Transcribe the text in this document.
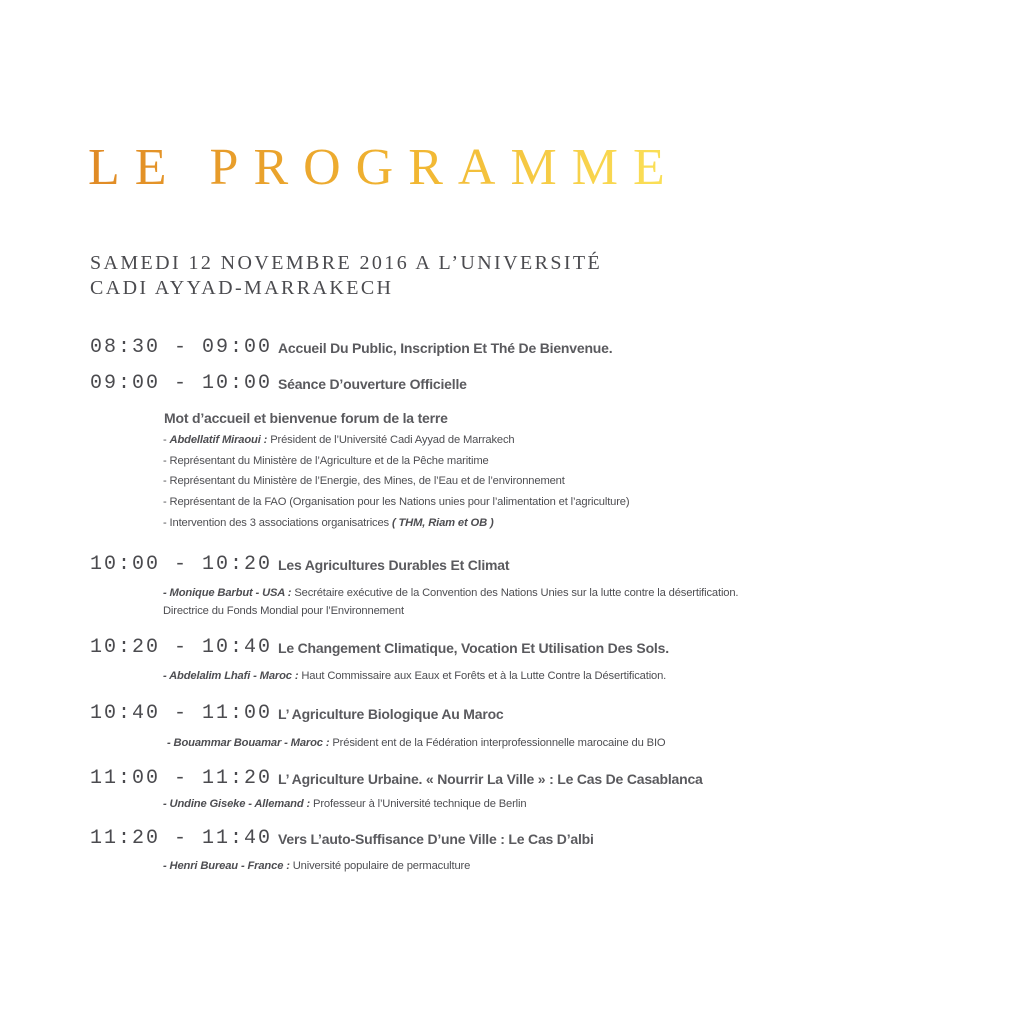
LE PROGRAMME
SAMEDI 12 NOVEMBRE 2016 A L’UNIVERSITÉ
CADI AYYAD-MARRAKECH
08:30 - 09:00 Accueil Du Public, Inscription Et Thé De Bienvenue.
09:00 - 10:00 Séance D’ouverture Officielle
Mot d’accueil et bienvenue forum de la terre
- Abdellatif Miraoui : Président de l’Université Cadi Ayyad de Marrakech
- Représentant du Ministère de l’Agriculture et de la Pêche maritime
- Représentant du Ministère de l’Energie, des Mines, de l’Eau et de l’environnement
- Représentant de la FAO (Organisation pour les Nations unies pour l’alimentation et l’agriculture)
- Intervention des 3 associations organisatrices ( THM, Riam et OB )
10:00 - 10:20 Les Agricultures Durables Et Climat
- Monique Barbut - USA : Secrétaire exécutive de la Convention des Nations Unies sur la lutte contre la désertification.
Directrice du Fonds Mondial pour l’Environnement
10:20 - 10:40 Le Changement Climatique, Vocation Et Utilisation Des Sols.
- Abdelalim Lhafi - Maroc : Haut Commissaire aux Eaux et Forêts et à la Lutte Contre la Désertification.
10:40 - 11:00 L’ Agriculture Biologique Au Maroc
- Bouammar Bouamar - Maroc : Président ent de la Fédération interprofessionnelle marocaine du BIO
11:00 - 11:20 L’ Agriculture Urbaine. « Nourrir La Ville » : Le Cas De Casablanca
- Undine Giseke - Allemand : Professeur à l’Université technique de Berlin
11:20 - 11:40 Vers L’auto-Suffisance D’une Ville : Le Cas D’albi
- Henri Bureau - France : Université populaire de permaculture
